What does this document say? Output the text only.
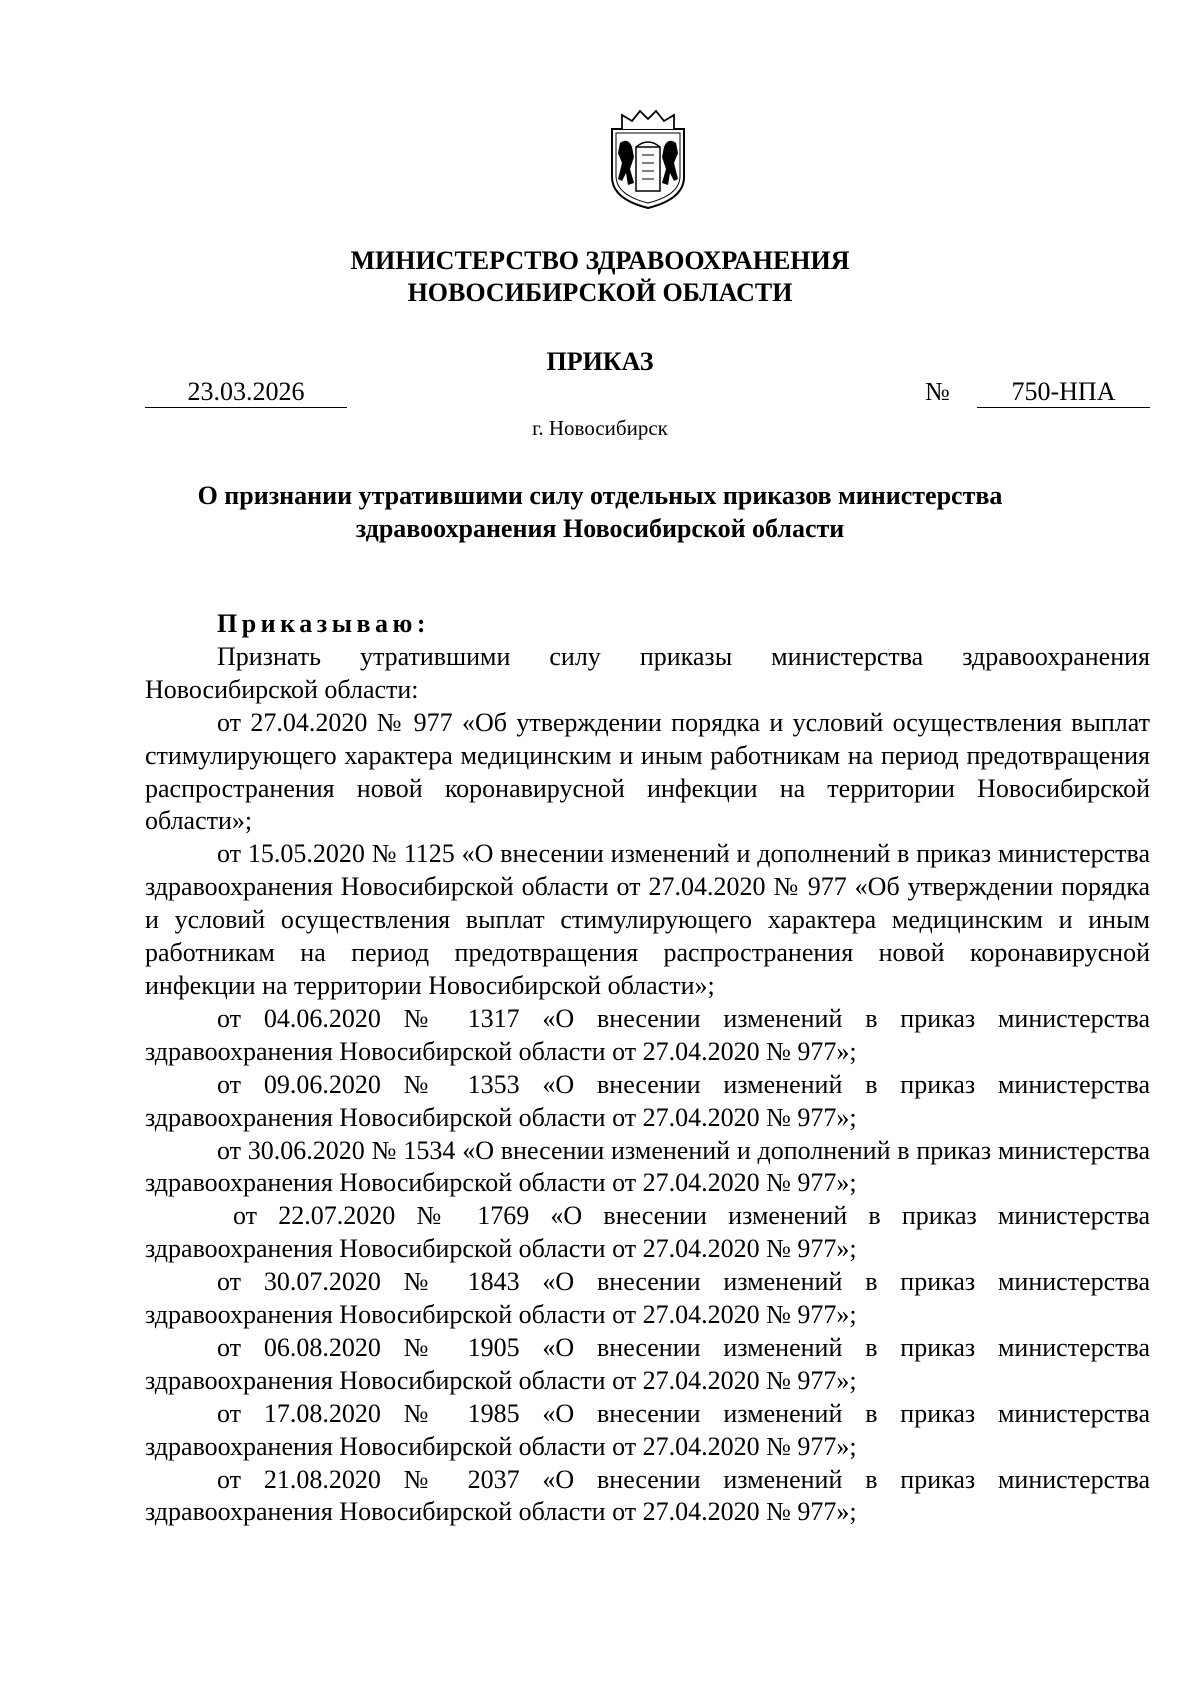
МИНИСТЕРСТВО ЗДРАВООХРАНЕНИЯ
НОВОСИБИРСКОЙ ОБЛАСТИ
ПРИКАЗ
23.03.2026	№	750-НПА
г. Новосибирск
О признании утратившими силу отдельных приказов министерства
здравоохранения Новосибирской области

Приказываю:

Признать утратившими силу приказы министерства здравоохранения Новосибирской области:

от 27.04.2020 № 977 «Об утверждении порядка и условий осуществления выплат стимулирующего характера медицинским и иным работникам на период предотвращения распространения новой коронавирусной инфекции на территории Новосибирской области»;

от 15.05.2020 № 1125 «О внесении изменений и дополнений в приказ министерства здравоохранения Новосибирской области от 27.04.2020 № 977 «Об утверждении порядка и условий осуществления выплат стимулирующего характера медицинским и иным работникам на период предотвращения распространения новой коронавирусной инфекции на территории Новосибирской области»;

от 04.06.2020 № 1317 «О внесении изменений в приказ министерства здравоохранения Новосибирской области от 27.04.2020 № 977»;

от 09.06.2020 № 1353 «О внесении изменений в приказ министерства здравоохранения Новосибирской области от 27.04.2020 № 977»;

от 30.06.2020 № 1534 «О внесении изменений и дополнений в приказ министерства здравоохранения Новосибирской области от 27.04.2020 № 977»;

от 22.07.2020 № 1769 «О внесении изменений в приказ министерства здравоохранения Новосибирской области от 27.04.2020 № 977»;

от 30.07.2020 № 1843 «О внесении изменений в приказ министерства здравоохранения Новосибирской области от 27.04.2020 № 977»;

от 06.08.2020 № 1905 «О внесении изменений в приказ министерства здравоохранения Новосибирской области от 27.04.2020 № 977»;

от 17.08.2020 № 1985 «О внесении изменений в приказ министерства здравоохранения Новосибирской области от 27.04.2020 № 977»;

от 21.08.2020 № 2037 «О внесении изменений в приказ министерства здравоохранения Новосибирской области от 27.04.2020 № 977»;
